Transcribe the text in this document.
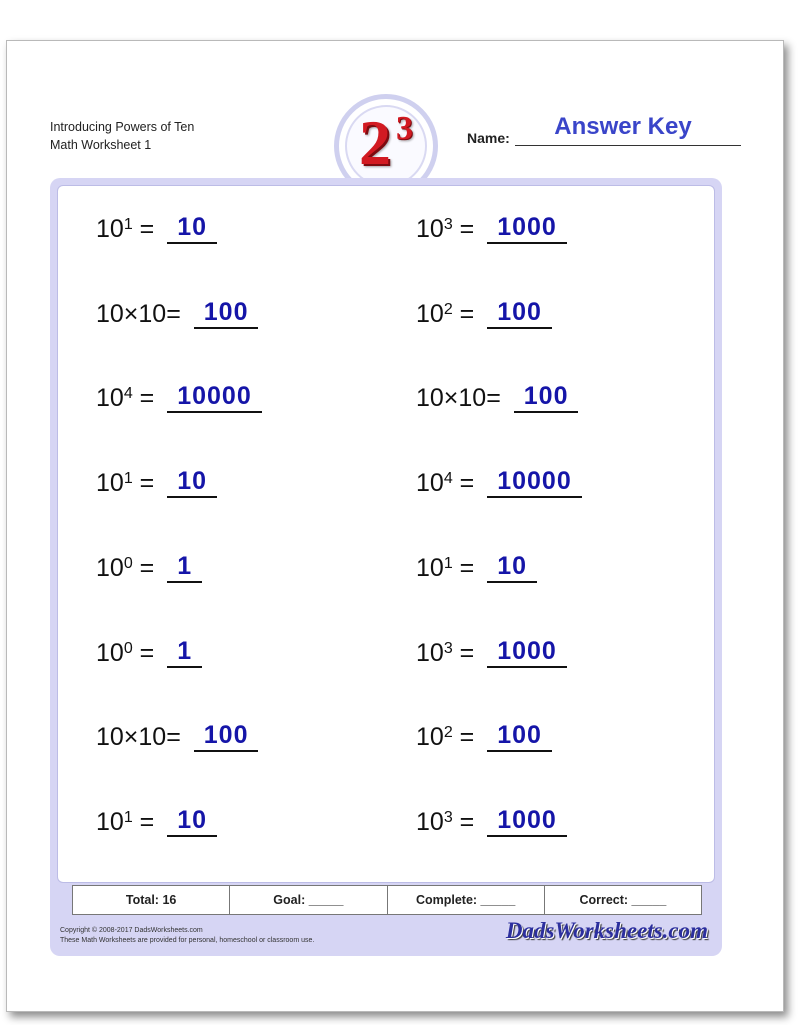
Introducing Powers of Ten
Math Worksheet 1	2 3	Name:	Answer Key
$10^1 = 10$
10×10 = 100
$10^4 = 10000$
$10^1 = 10$
$10^0 = 1$
$10^0 = 1$
10×10 = 100
$10^1 = 10$
$10^3 = 1000$
$10^2 = 100$
10×10 = 100
$10^4 = 10000$
$10^1 = 10$
$10^3 = 1000$
$10^2 = 100$
$10^3 = 1000$
Total: 16	Goal: _____	Complete: _____	Correct: _____
Copyright © 2008-2017 DadsWorksheets.com
These Math Worksheets are provided for personal, homeschool or classroom use.	DadsWorksheets.com
